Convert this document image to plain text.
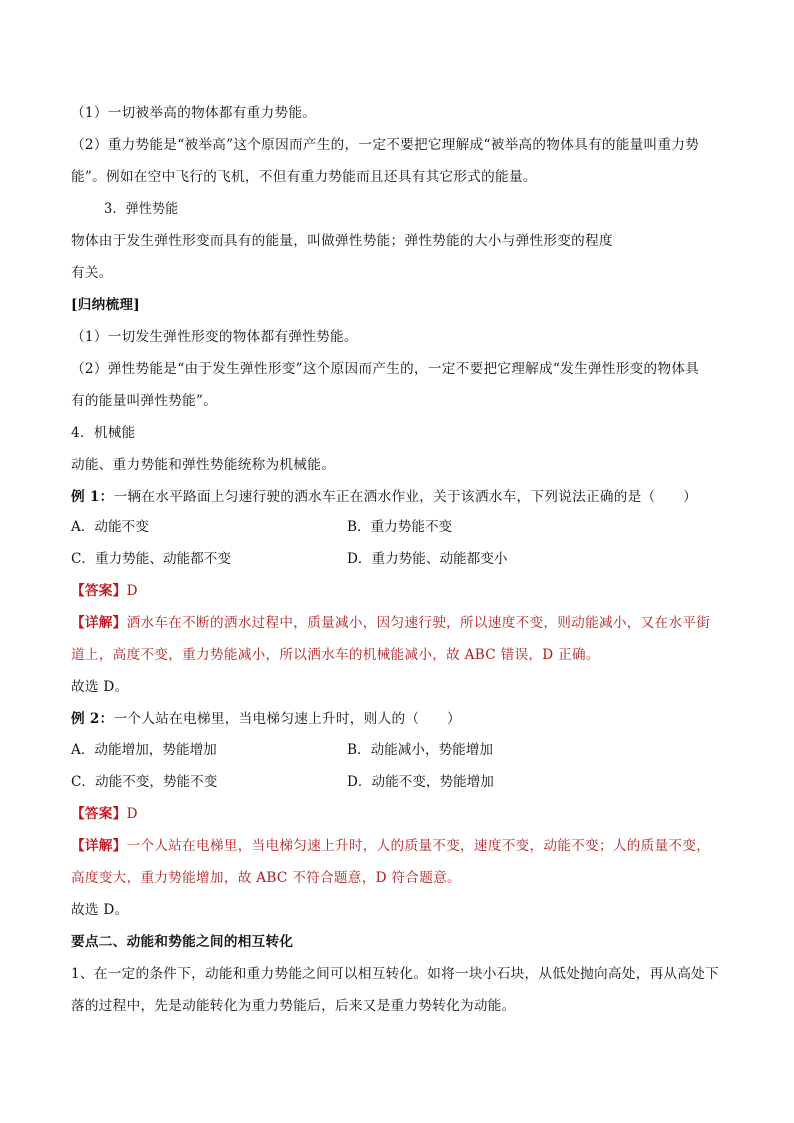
（1）一切被举高的物体都有重力势能。
（2）重力势能是“被举高”这个原因而产生的，一定不要把它理解成“被举高的物体具有的能量叫重力势
能”。例如在空中飞行的飞机，不但有重力势能而且还具有其它形式的能量。
3．弹性势能
物体由于发生弹性形变而具有的能量，叫做弹性势能；弹性势能的大小与弹性形变的程度
有关。
[归纳梳理]
（1）一切发生弹性形变的物体都有弹性势能。
（2）弹性势能是“由于发生弹性形变”这个原因而产生的，一定不要把它理解成“发生弹性形变的物体具
有的能量叫弹性势能”。
4．机械能
动能、重力势能和弹性势能统称为机械能。
例 1：一辆在水平路面上匀速行驶的洒水车正在洒水作业，关于该洒水车，下列说法正确的是（　　）
A．动能不变	B．重力势能不变
C．重力势能、动能都不变	D．重力势能、动能都变小
【答案】D
【详解】洒水车在不断的洒水过程中，质量减小，因匀速行驶，所以速度不变，则动能减小，又在水平街
道上，高度不变，重力势能减小，所以洒水车的机械能减小，故 ABC 错误，D 正确。
故选 D。
例 2：一个人站在电梯里，当电梯匀速上升时，则人的（　　）
A．动能增加，势能增加	B．动能减小，势能增加
C．动能不变，势能不变	D．动能不变，势能增加
【答案】D
【详解】一个人站在电梯里，当电梯匀速上升时，人的质量不变，速度不变，动能不变；人的质量不变，
高度变大，重力势能增加，故 ABC 不符合题意，D 符合题意。
故选 D。
要点二、动能和势能之间的相互转化
1、在一定的条件下，动能和重力势能之间可以相互转化。如将一块小石块，从低处抛向高处，再从高处下
落的过程中，先是动能转化为重力势能后，后来又是重力势转化为动能。
